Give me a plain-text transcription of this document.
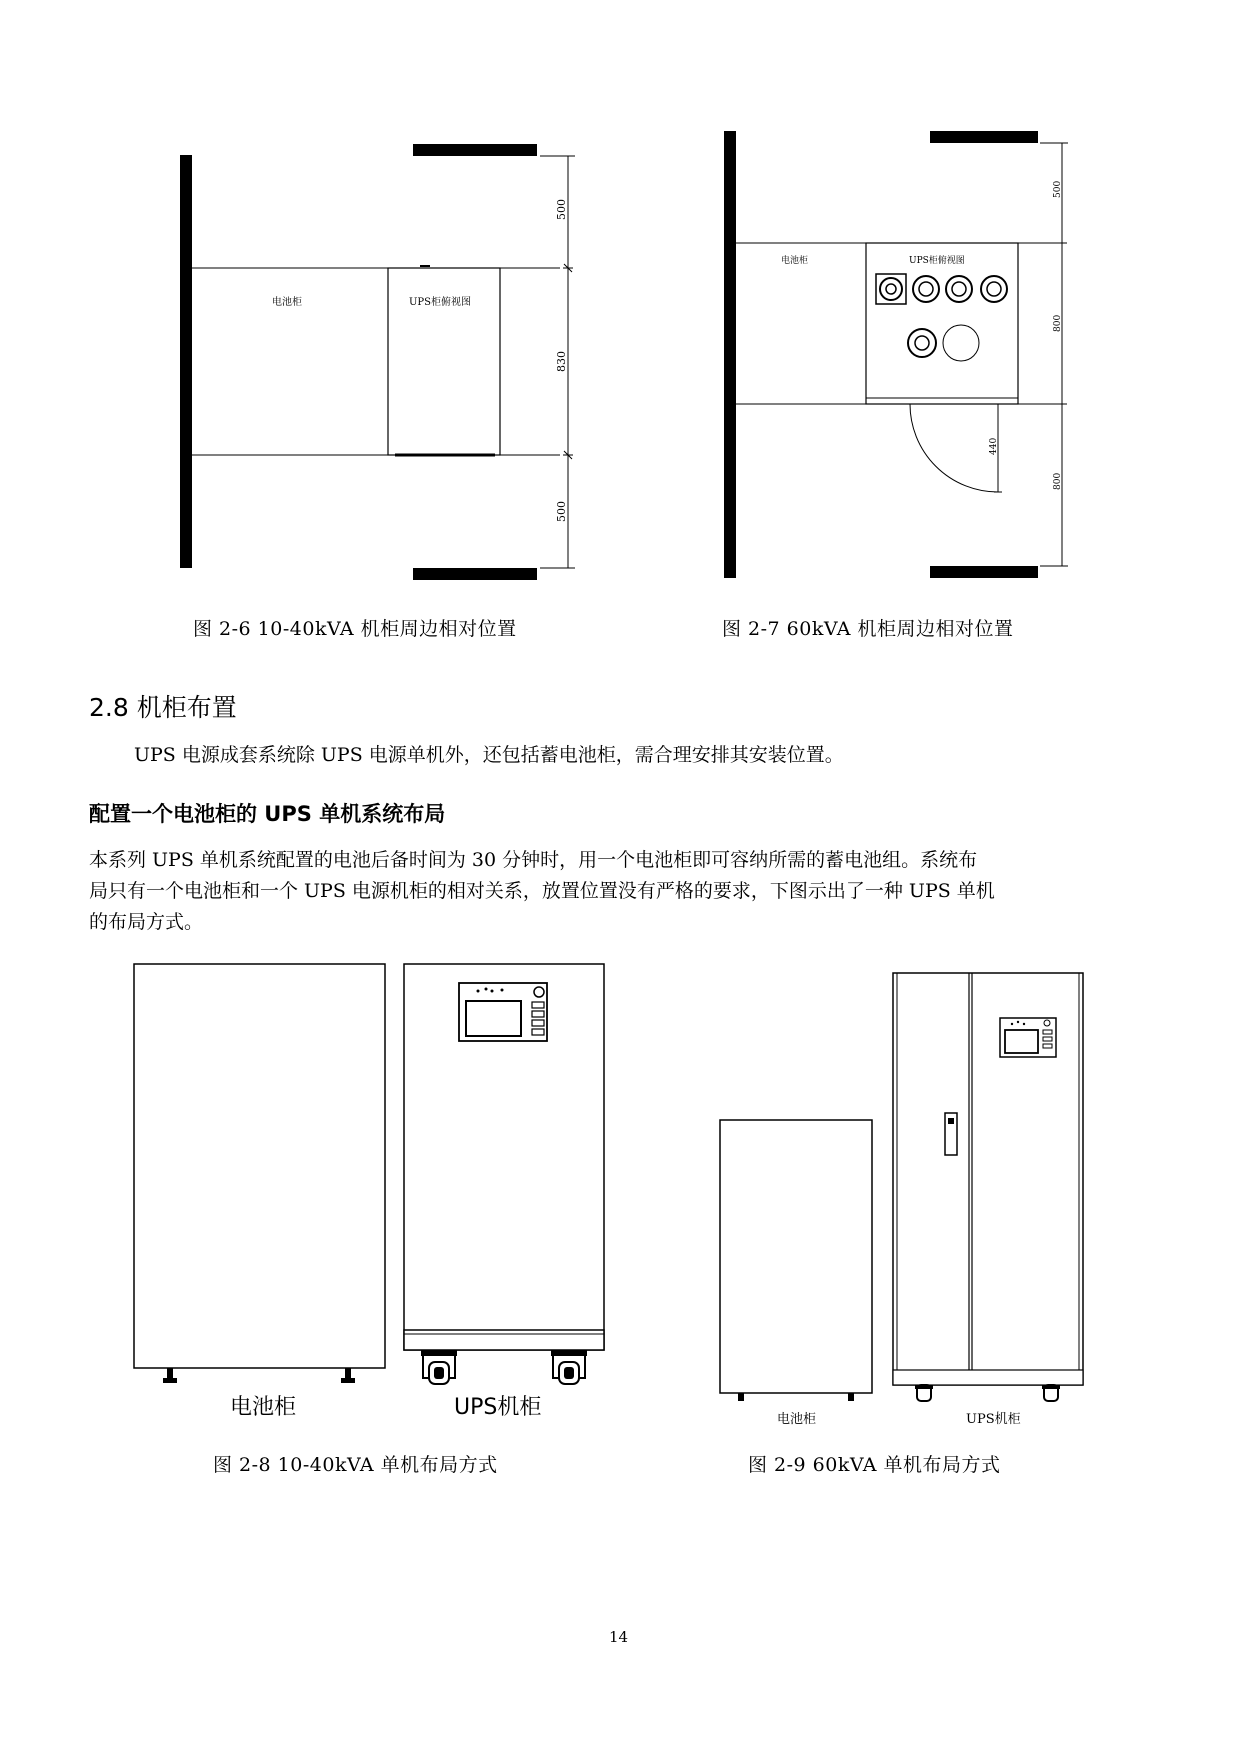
电池柜	UPS柜俯视图
500
830
500
图 2-6 10-40kVA 机柜周边相对位置
电池柜	UPS柜俯视图
500
800
800
440
图 2-7 60kVA 机柜周边相对位置
2.8 机柜布置
UPS 电源成套系统除 UPS 电源单机外，还包括蓄电池柜，需合理安排其安装位置。
配置一个电池柜的 UPS 单机系统布局
本系列 UPS 单机系统配置的电池后备时间为 30 分钟时，用一个电池柜即可容纳所需的蓄电池组。系统布
局只有一个电池柜和一个 UPS 电源机柜的相对关系，放置位置没有严格的要求，下图示出了一种 UPS 单机
的布局方式。
电池柜	UPS机柜
图 2-8 10-40kVA 单机布局方式
电池柜	UPS机柜
图 2-9 60kVA 单机布局方式
14
